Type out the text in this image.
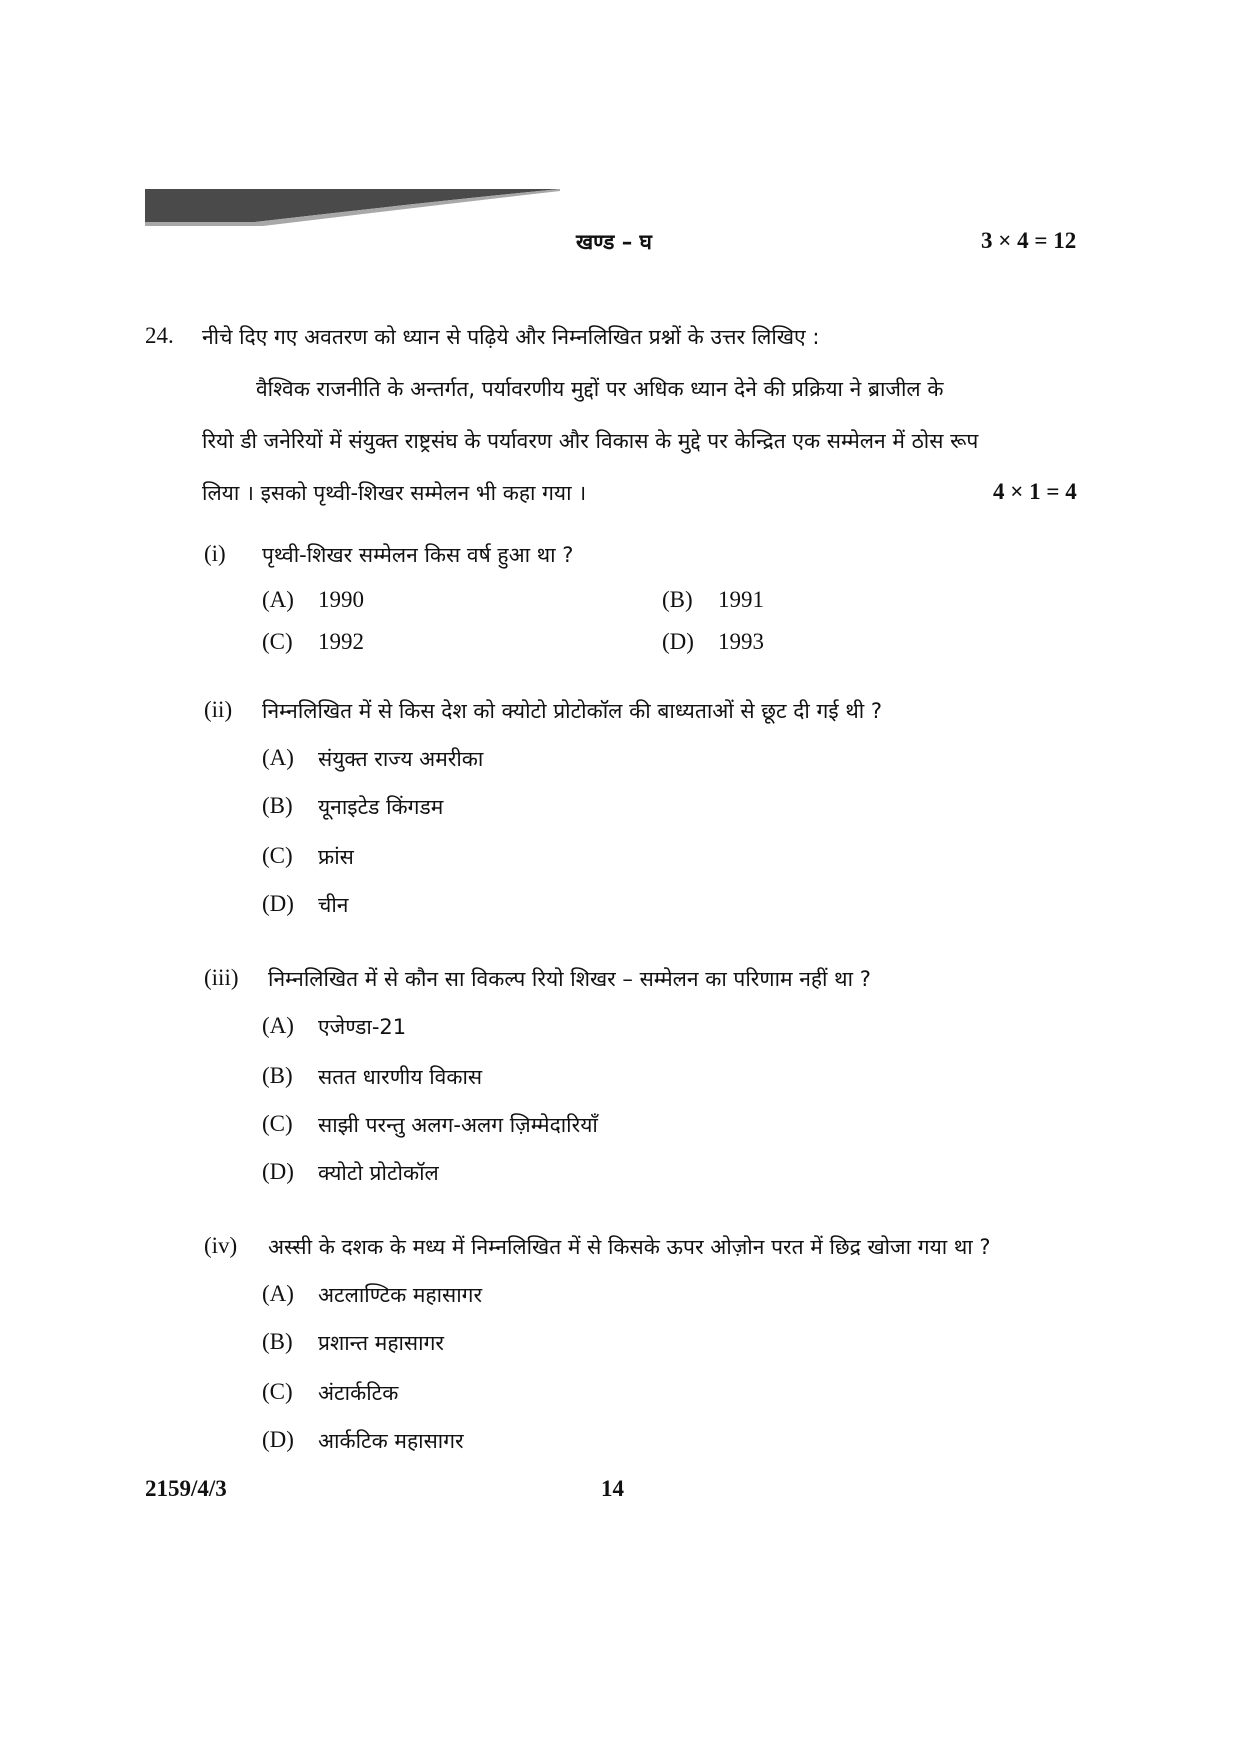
खण्ड – घ	3 × 4 = 12
24. नीचे दिए गए अवतरण को ध्यान से पढ़िये और निम्नलिखित प्रश्नों के उत्तर लिखिए :
वैश्विक राजनीति के अन्तर्गत, पर्यावरणीय मुद्दों पर अधिक ध्यान देने की प्रक्रिया ने ब्राजील के
रियो डी जनेरियों में संयुक्त राष्ट्रसंघ के पर्यावरण और विकास के मुद्दे पर केन्द्रित एक सम्मेलन में ठोस रूप
लिया । इसको पृथ्वी-शिखर सम्मेलन भी कहा गया ।	4 × 1 = 4
(i) पृथ्वी-शिखर सम्मेलन किस वर्ष हुआ था ?
(A) 1990	(B) 1991
(C) 1992	(D) 1993
(ii) निम्नलिखित में से किस देश को क्योटो प्रोटोकॉल की बाध्यताओं से छूट दी गई थी ?
(A) संयुक्त राज्य अमरीका
(B) यूनाइटेड किंगडम
(C) फ्रांस
(D) चीन
(iii) निम्नलिखित में से कौन सा विकल्प रियो शिखर – सम्मेलन का परिणाम नहीं था ?
(A) एजेण्डा-21
(B) सतत धारणीय विकास
(C) साझी परन्तु अलग-अलग ज़िम्मेदारियाँ
(D) क्योटो प्रोटोकॉल
(iv) अस्सी के दशक के मध्य में निम्नलिखित में से किसके ऊपर ओज़ोन परत में छिद्र खोजा गया था ?
(A) अटलाण्टिक महासागर
(B) प्रशान्त महासागर
(C) अंटार्कटिक
(D) आर्कटिक महासागर
2159/4/3	14
